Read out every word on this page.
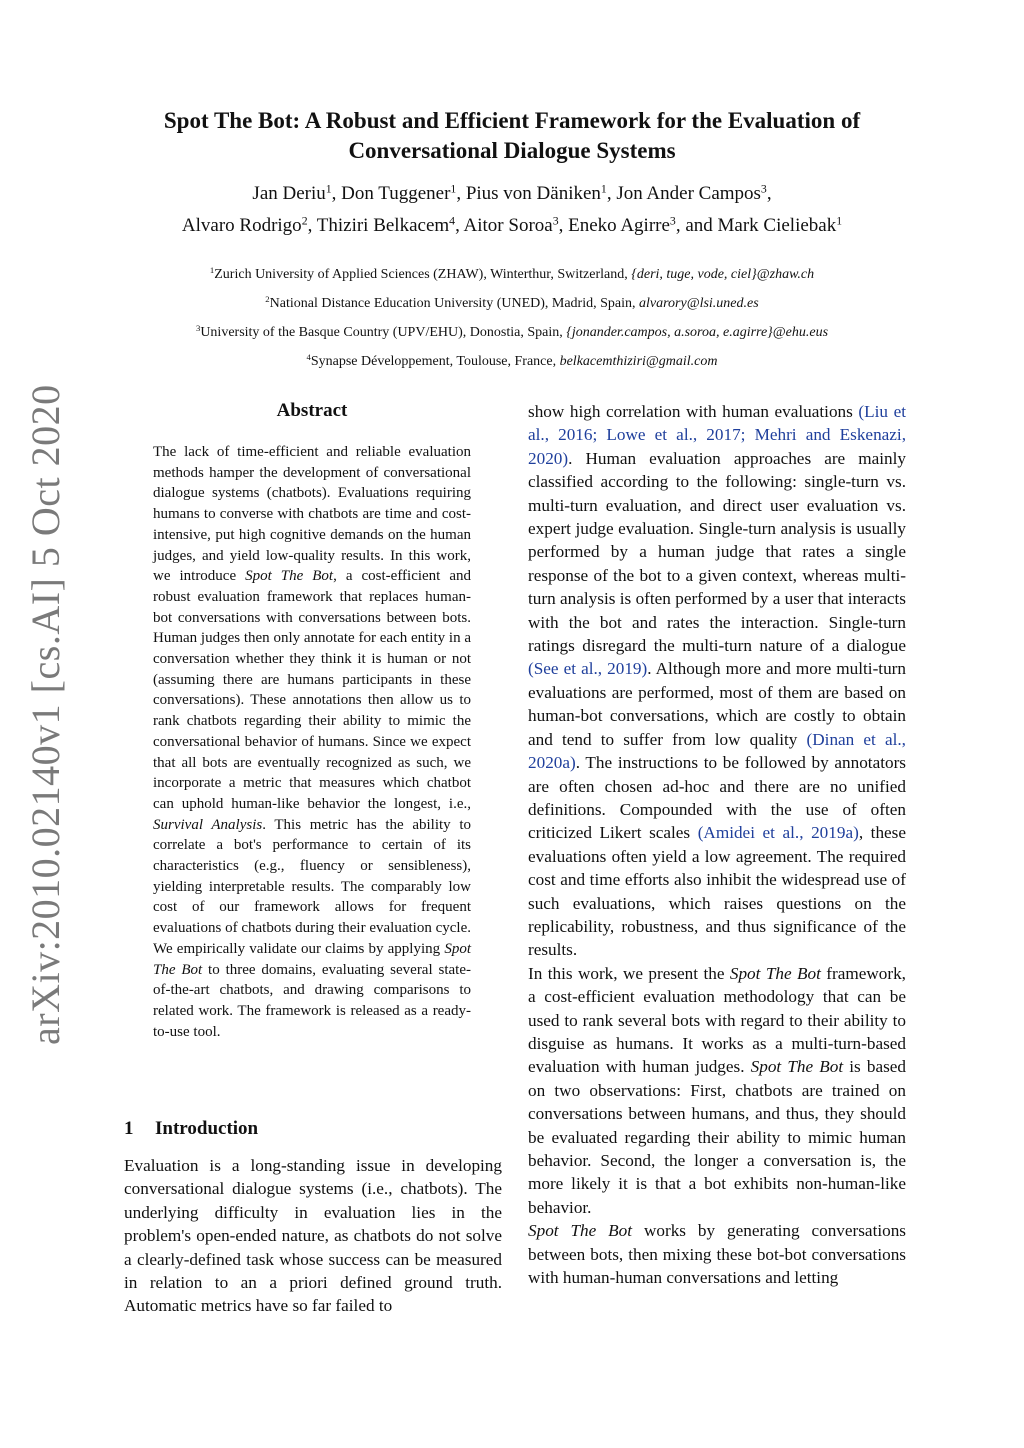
arXiv:2010.02140v1 [cs.AI] 5 Oct 2020
Spot The Bot: A Robust and Efficient Framework for the Evaluation of Conversational Dialogue Systems
Jan Deriu$^1$, Don Tuggener$^1$, Pius von Däniken$^1$, Jon Ander Campos$^3$,
Alvaro Rodrigo$^2$, Thiziri Belkacem$^4$, Aitor Soroa$^3$, Eneko Agirre$^3$, and Mark Cieliebak$^1$
$^1$Zurich University of Applied Sciences (ZHAW), Winterthur, Switzerland, {deri, tuge, vode, ciel}@zhaw.ch
$^2$National Distance Education University (UNED), Madrid, Spain, alvarory@lsi.uned.es
$^3$University of the Basque Country (UPV/EHU), Donostia, Spain, {jonander.campos, a.soroa, e.agirre}@ehu.eus
$^4$Synapse Développement, Toulouse, France, belkacemthiziri@gmail.com
Abstract
The lack of time-efficient and reliable evaluation methods hamper the development of conversational dialogue systems (chatbots). Evaluations requiring humans to converse with chatbots are time and cost-intensive, put high cognitive demands on the human judges, and yield low-quality results. In this work, we introduce Spot The Bot, a cost-efficient and robust evaluation framework that replaces human-bot conversations with conversations between bots. Human judges then only annotate for each entity in a conversation whether they think it is human or not (assuming there are humans participants in these conversations). These annotations then allow us to rank chatbots regarding their ability to mimic the conversational behavior of humans. Since we expect that all bots are eventually recognized as such, we incorporate a metric that measures which chatbot can uphold human-like behavior the longest, i.e., Survival Analysis. This metric has the ability to correlate a bot's performance to certain of its characteristics (e.g., fluency or sensibleness), yielding interpretable results. The comparably low cost of our framework allows for frequent evaluations of chatbots during their evaluation cycle. We empirically validate our claims by applying Spot The Bot to three domains, evaluating several state-of-the-art chatbots, and drawing comparisons to related work. The framework is released as a ready-to-use tool.
1 Introduction
Evaluation is a long-standing issue in developing conversational dialogue systems (i.e., chatbots). The underlying difficulty in evaluation lies in the problem's open-ended nature, as chatbots do not solve a clearly-defined task whose success can be measured in relation to an a priori defined ground truth. Automatic metrics have so far failed to

show high correlation with human evaluations (Liu et al., 2016; Lowe et al., 2017; Mehri and Eskenazi, 2020). Human evaluation approaches are mainly classified according to the following: single-turn vs. multi-turn evaluation, and direct user evaluation vs. expert judge evaluation. Single-turn analysis is usually performed by a human judge that rates a single response of the bot to a given context, whereas multi-turn analysis is often performed by a user that interacts with the bot and rates the interaction. Single-turn ratings disregard the multi-turn nature of a dialogue (See et al., 2019). Although more and more multi-turn evaluations are performed, most of them are based on human-bot conversations, which are costly to obtain and tend to suffer from low quality (Dinan et al., 2020a). The instructions to be followed by annotators are often chosen ad-hoc and there are no unified definitions. Compounded with the use of often criticized Likert scales (Amidei et al., 2019a), these evaluations often yield a low agreement. The required cost and time efforts also inhibit the widespread use of such evaluations, which raises questions on the replicability, robustness, and thus significance of the results.

In this work, we present the Spot The Bot framework, a cost-efficient evaluation methodology that can be used to rank several bots with regard to their ability to disguise as humans. It works as a multi-turn-based evaluation with human judges. Spot The Bot is based on two observations: First, chatbots are trained on conversations between humans, and thus, they should be evaluated regarding their ability to mimic human behavior. Second, the longer a conversation is, the more likely it is that a bot exhibits non-human-like behavior.

Spot The Bot works by generating conversations between bots, then mixing these bot-bot conversations with human-human conversations and letting
